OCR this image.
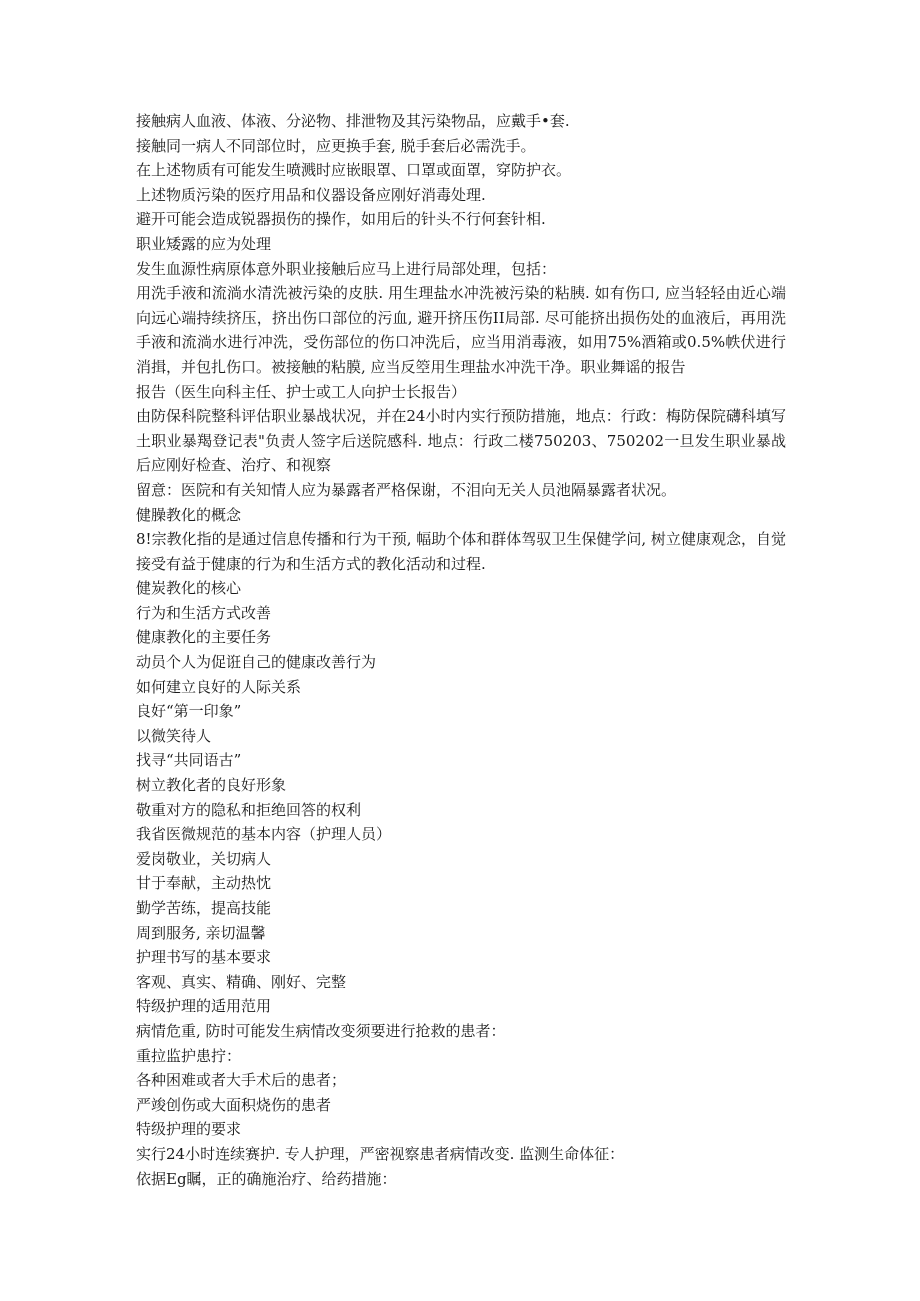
接触病人血液、体液、分泌物、排泄物及其污染物品，应戴手•套.

接触同一病人不同部位时，应更换手套, 脱手套后必需洗手。

在上述物质有可能发生喷溅时应嵌眼罩、口罩或面罩，穿防护衣。

上述物质污染的医疗用品和仪器设备应刚好消毒处理.

避开可能会造成锐器损伤的操作，如用后的针头不行何套针相.

职业矮露的应为处理

发生血源性病原体意外职业接触后应马上进行局部处理，包括：

用洗手液和流淌水清洗被污染的皮肤. 用生理盐水冲洗被污染的粘胰. 如有伤口, 应当轻轻由近心端向远心端持续挤压，挤出伤口部位的污血, 避开挤压伤II局部. 尽可能挤出损伤处的血液后，再用洗手液和流淌水进行冲洗，受伤部位的伤口冲洗后，应当用消毒液，如用75%酒箱或0.5%帙伏进行消揖，并包扎伤口。被接触的粘膜, 应当反箜用生理盐水冲洗干净。职业舞谣的报告

报告（医生向科主任、护士或工人向护士长报告）

由防保科院整科评估职业暴战状况，并在24小时内实行预防措施，地点：行政：梅防保院礴科填写土职业暴羯登记表"负责人签字后送院感科. 地点：行政二楼750203、750202一旦发生职业暴战后应刚好检查、治疗、和视察

留意：医院和有关知情人应为暴露者严格保谢，不泪向无关人员池隔暴露者状况。

健臊教化的概念

8!宗教化指的是通过信息传播和行为干预, 幅助个体和群体驾驭卫生保健学问, 树立健康观念，自觉接受有益于健康的行为和生活方式的教化活动和过程.

健炭教化的核心

行为和生活方式改善

健康教化的主要任务

动员个人为促诳自己的健康改善行为

如何建立良好的人际关系

良好“第一印象”

以微笑待人

找寻“共同语古”

树立教化者的良好形象

敬重对方的隐私和拒绝回答的权利

我省医微规范的基本内容（护理人员）

爱岗敬业，关切病人

甘于奉献，主动热忱

勤学苦练，提高技能

周到服务, 亲切温馨

护理书写的基本要求

客观、真实、精确、刚好、完整

特级护理的适用范用

病情危重, 防时可能发生病情改变须要进行抢救的患者：

重拉监护患拧：

各种困难或者大手术后的患者；

严竣创伤或大面积烧伤的患者

特级护理的要求

实行24小时连续赛护. 专人护理，严密视察患者病情改变. 监测生命体征：

依据Eg瞩，正的确施治疗、给药措施：
